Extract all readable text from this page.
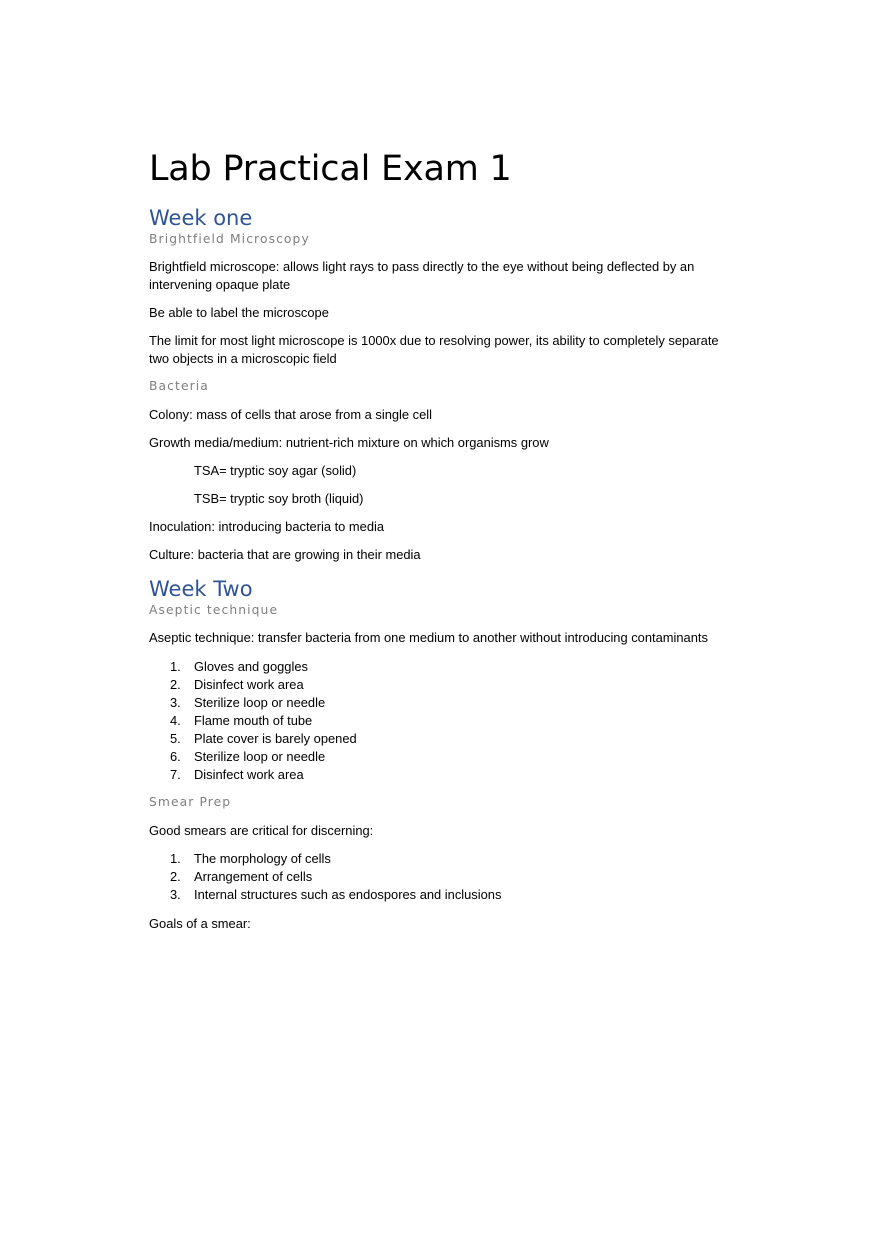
Lab Practical Exam 1
Week one
Brightfield Microscopy

Brightfield microscope: allows light rays to pass directly to the eye without being deflected by an intervening opaque plate

Be able to label the microscope

The limit for most light microscope is 1000x due to resolving power, its ability to completely separate two objects in a microscopic field

Bacteria

Colony: mass of cells that arose from a single cell

Growth media/medium: nutrient-rich mixture on which organisms grow

TSA= tryptic soy agar (solid)

TSB= tryptic soy broth (liquid)

Inoculation: introducing bacteria to media

Culture: bacteria that are growing in their media

Week Two
Aseptic technique

Aseptic technique: transfer bacteria from one medium to another without introducing contaminants

1. Gloves and goggles
2. Disinfect work area
3. Sterilize loop or needle
4. Flame mouth of tube
5. Plate cover is barely opened
6. Sterilize loop or needle
7. Disinfect work area
Smear Prep

Good smears are critical for discerning:

1. The morphology of cells
2. Arrangement of cells
3. Internal structures such as endospores and inclusions

Goals of a smear:
